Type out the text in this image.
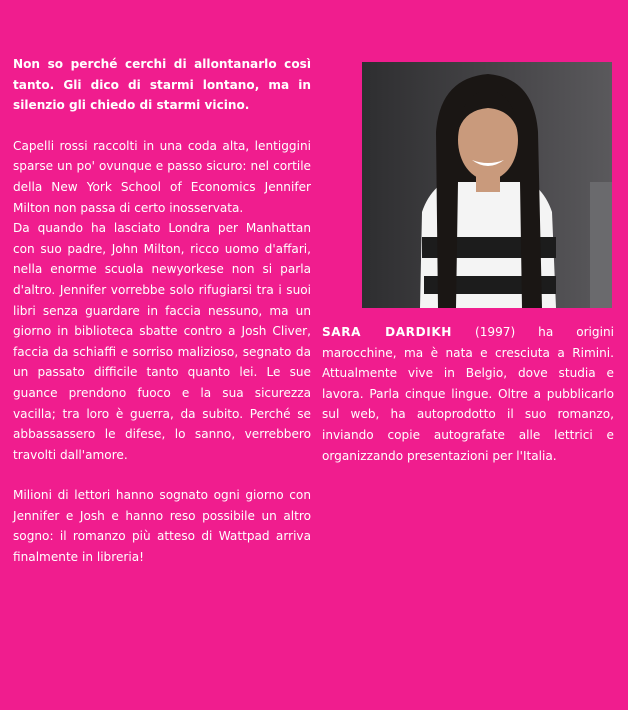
Non so perché cerchi di allontanarlo così tanto. Gli dico di starmi lontano, ma in silenzio gli chiedo di starmi vicino.

Capelli rossi raccolti in una coda alta, lentiggini sparse un po' ovunque e passo sicuro: nel cortile della New York School of Economics Jennifer Milton non passa di certo inosservata.

Da quando ha lasciato Londra per Manhattan con suo padre, John Milton, ricco uomo d'affari, nella enorme scuola newyorkese non si parla d'altro. Jennifer vorrebbe solo rifugiarsi tra i suoi libri senza guardare in faccia nessuno, ma un giorno in biblioteca sbatte contro a Josh Cliver, faccia da schiaffi e sorriso malizioso, segnato da un passato difficile tanto quanto lei. Le sue guance prendono fuoco e la sua sicurezza vacilla; tra loro è guerra, da subito. Perché se abbassassero le difese, lo sanno, verrebbero travolti dall'amore.

Milioni di lettori hanno sognato ogni giorno con Jennifer e Josh e hanno reso possibile un altro sogno: il romanzo più atteso di Wattpad arriva finalmente in libreria!

SARA DARDIKH (1997) ha origini marocchine, ma è nata e cresciuta a Rimini. Attualmente vive in Belgio, dove studia e lavora. Parla cinque lingue. Oltre a pubblicarlo sul web, ha autoprodotto il suo romanzo, inviando copie autografate alle lettrici e organizzando presentazioni per l'Italia.
